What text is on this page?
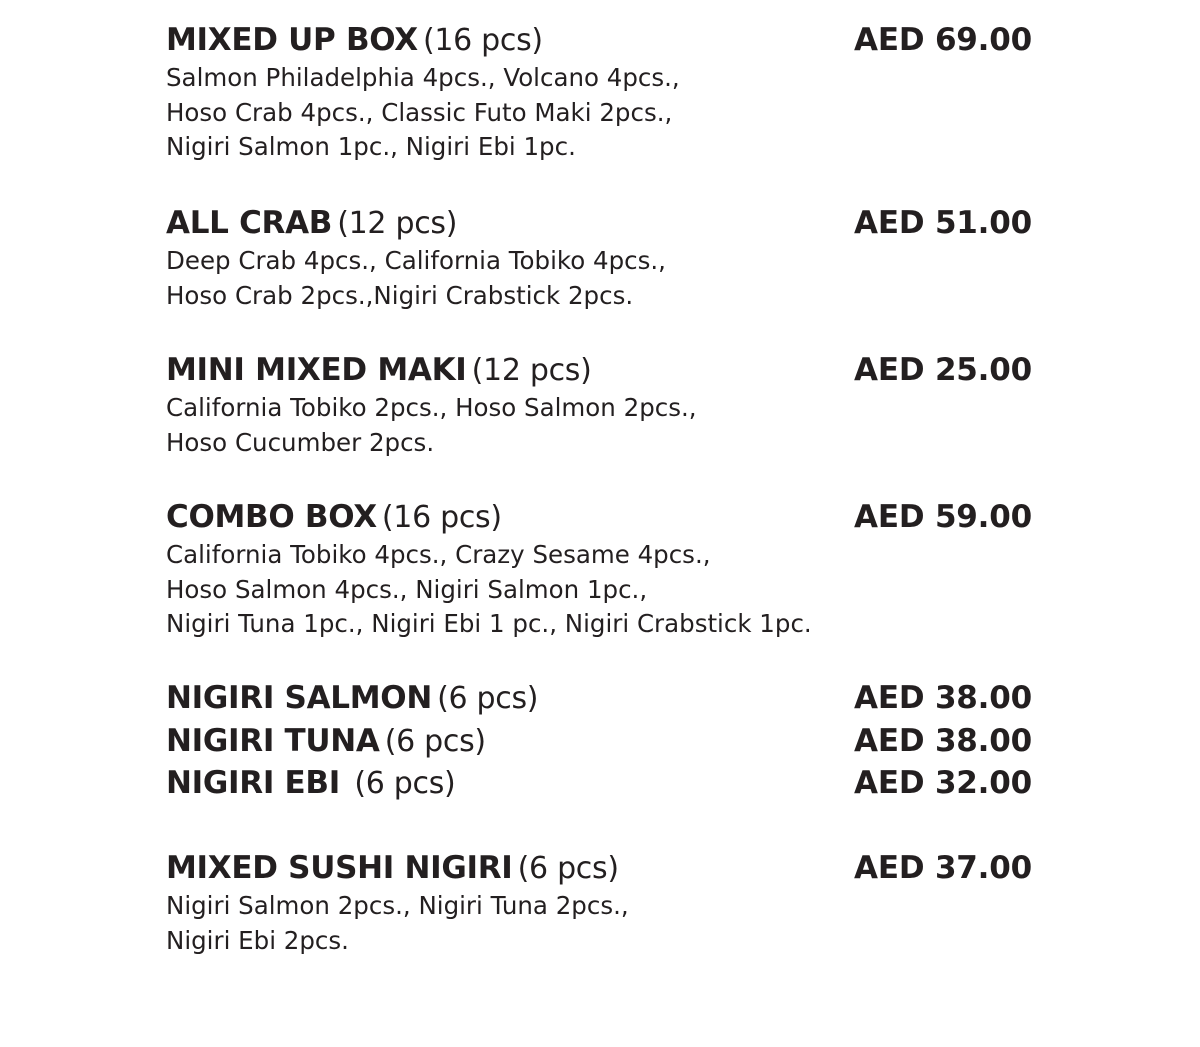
MIXED UP BOX (16 pcs)	AED 69.00
Salmon Philadelphia 4pcs., Volcano 4pcs.,
Hoso Crab 4pcs., Classic Futo Maki 2pcs.,
Nigiri Salmon 1pc., Nigiri Ebi 1pc.
ALL CRAB (12 pcs)	AED 51.00
Deep Crab 4pcs., California Tobiko 4pcs.,
Hoso Crab 2pcs.,Nigiri Crabstick 2pcs.
MINI MIXED MAKI (12 pcs)	AED 25.00
California Tobiko 2pcs., Hoso Salmon 2pcs.,
Hoso Cucumber 2pcs.
COMBO BOX (16 pcs)	AED 59.00
California Tobiko 4pcs., Crazy Sesame 4pcs.,
Hoso Salmon 4pcs., Nigiri Salmon 1pc.,
Nigiri Tuna 1pc., Nigiri Ebi 1 pc., Nigiri Crabstick 1pc.
NIGIRI SALMON (6 pcs)	AED 38.00
NIGIRI TUNA (6 pcs)	AED 38.00
NIGIRI EBI  (6 pcs)	AED 32.00
MIXED SUSHI NIGIRI (6 pcs)	AED 37.00
Nigiri Salmon 2pcs., Nigiri Tuna 2pcs.,
Nigiri Ebi 2pcs.
